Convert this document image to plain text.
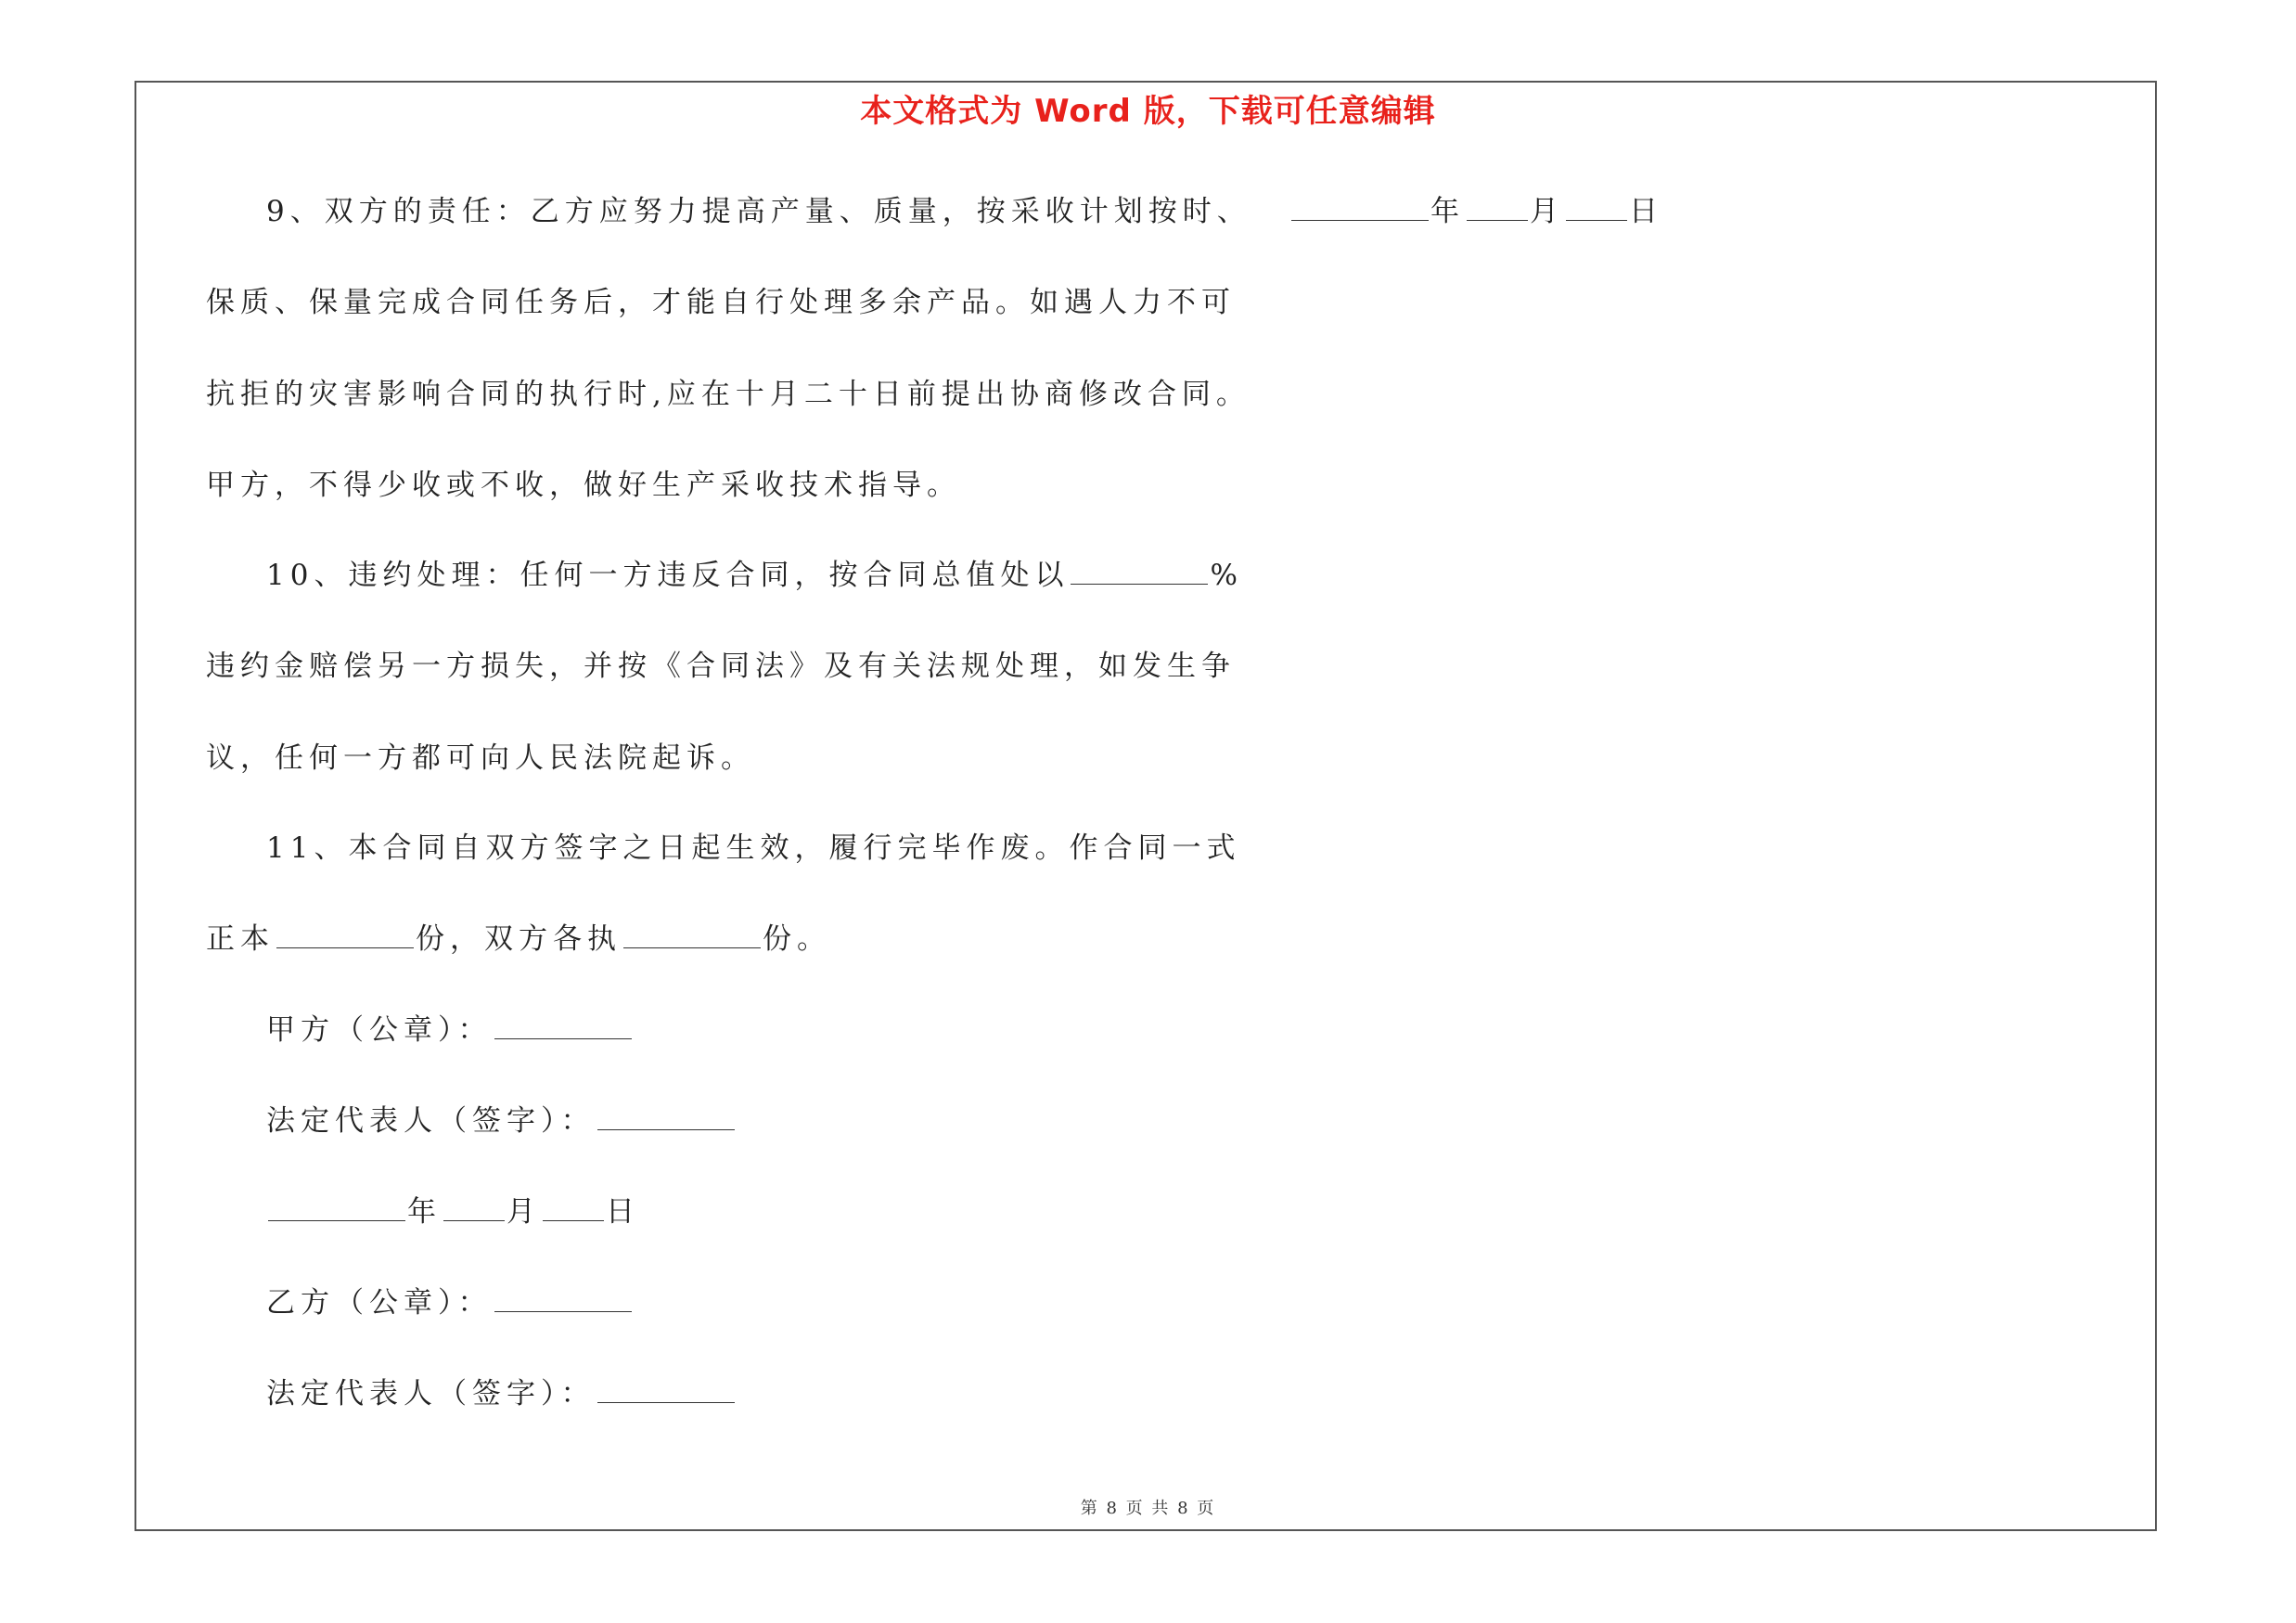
本文格式为 Word 版，下载可任意编辑
年 月 日
9、双方的责任：乙方应努力提高产量、质量，按采收计划按时、
保质、保量完成合同任务后，才能自行处理多余产品。如遇人力不可
抗拒的灾害影响合同的执行时,应在十月二十日前提出协商修改合同。
甲方，不得少收或不收，做好生产采收技术指导。
10、违约处理：任何一方违反合同，按合同总值处以	%
违约金赔偿另一方损失，并按《合同法》及有关法规处理，如发生争
议，任何一方都可向人民法院起诉。
11、本合同自双方签字之日起生效，履行完毕作废。作合同一式
正本	份，双方各执	份。
甲方（公章）：
法定代表人（签字）：
年 月 日
乙方（公章）：
法定代表人（签字）：
第 8 页 共 8 页
